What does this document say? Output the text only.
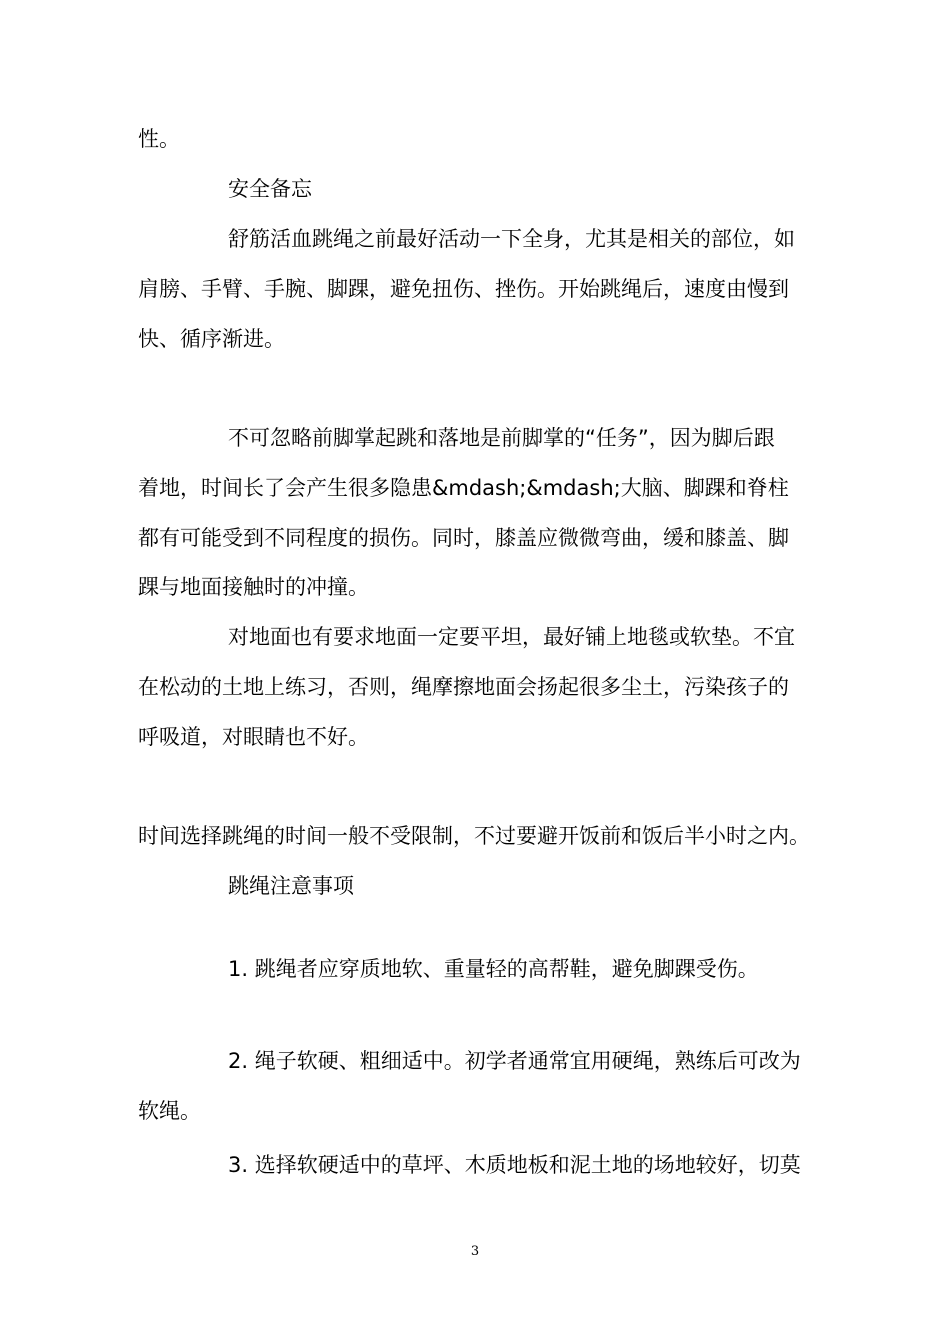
性。
安全备忘
舒筋活血跳绳之前最好活动一下全身，尤其是相关的部位，如
肩膀、手臂、手腕、脚踝，避免扭伤、挫伤。开始跳绳后，速度由慢到
快、循序渐进。
不可忽略前脚掌起跳和落地是前脚掌的“任务”，因为脚后跟
着地，时间长了会产生很多隐患&mdash;&mdash;大脑、脚踝和脊柱
都有可能受到不同程度的损伤。同时，膝盖应微微弯曲，缓和膝盖、脚
踝与地面接触时的冲撞。
对地面也有要求地面一定要平坦，最好铺上地毯或软垫。不宜
在松动的土地上练习，否则，绳摩擦地面会扬起很多尘土，污染孩子的
呼吸道，对眼睛也不好。
时间选择跳绳的时间一般不受限制，不过要避开饭前和饭后半小时之内。
跳绳注意事项
1. 跳绳者应穿质地软、重量轻的高帮鞋，避免脚踝受伤。
2. 绳子软硬、粗细适中。初学者通常宜用硬绳，熟练后可改为
软绳。
3. 选择软硬适中的草坪、木质地板和泥土地的场地较好，切莫
3
